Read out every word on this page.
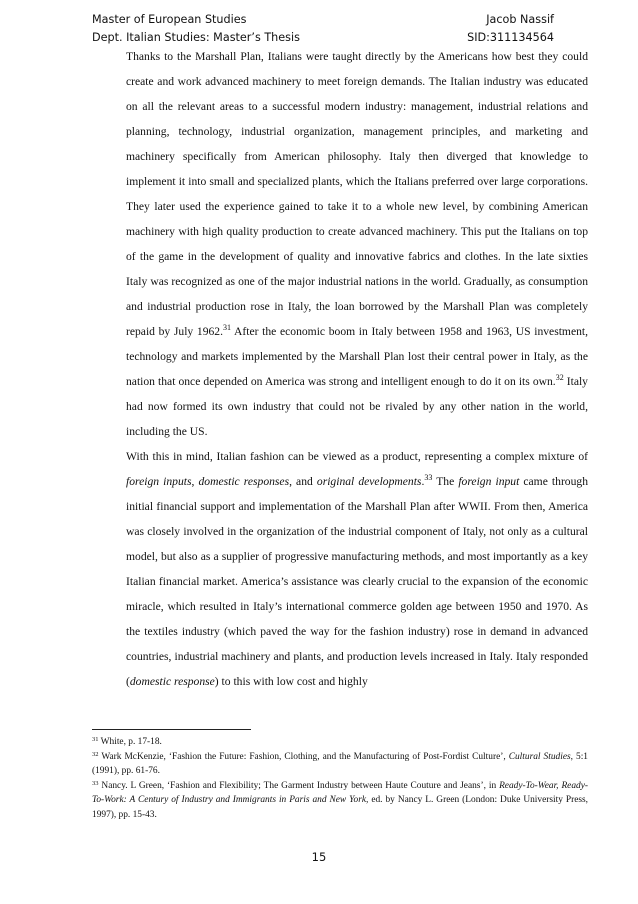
Master of European Studies	Jacob Nassif
Dept. Italian Studies: Master’s Thesis	SID:311134564

Thanks to the Marshall Plan, Italians were taught directly by the Americans how best they could create and work advanced machinery to meet foreign demands. The Italian industry was educated on all the relevant areas to a successful modern industry: management, industrial relations and planning, technology, industrial organization, management principles, and marketing and machinery specifically from American philosophy. Italy then diverged that knowledge to implement it into small and specialized plants, which the Italians preferred over large corporations. They later used the experience gained to take it to a whole new level, by combining American machinery with high quality production to create advanced machinery. This put the Italians on top of the game in the development of quality and innovative fabrics and clothes. In the late sixties Italy was recognized as one of the major industrial nations in the world. Gradually, as consumption and industrial production rose in Italy, the loan borrowed by the Marshall Plan was completely repaid by July 1962.31 After the economic boom in Italy between 1958 and 1963, US investment, technology and markets implemented by the Marshall Plan lost their central power in Italy, as the nation that once depended on America was strong and intelligent enough to do it on its own.$^{32}$ Italy had now formed its own industry that could not be rivaled by any other nation in the world, including the US.

With this in mind, Italian fashion can be viewed as a product, representing a complex mixture of foreign inputs, domestic responses, and original developments.$^{33}$ The foreign input came through initial financial support and implementation of the Marshall Plan after WWII. From then, America was closely involved in the organization of the industrial component of Italy, not only as a cultural model, but also as a supplier of progressive manufacturing methods, and most importantly as a key Italian financial market. America’s assistance was clearly crucial to the expansion of the economic miracle, which resulted in Italy’s international commerce golden age between 1950 and 1970. As the textiles industry (which paved the way for the fashion industry) rose in demand in advanced countries, industrial machinery and plants, and production levels increased in Italy. Italy responded (domestic response) to this with low cost and highly

$^{31}$ White, p. 17-18.

$^{32}$ Wark McKenzie, ‘Fashion the Future: Fashion, Clothing, and the Manufacturing of Post-Fordist Culture’, Cultural Studies, 5:1 (1991), pp. 61-76.

$^{33}$ Nancy. L Green, ‘Fashion and Flexibility; The Garment Industry between Haute Couture and Jeans’, in Ready-To-Wear, Ready-To-Work: A Century of Industry and Immigrants in Paris and New York, ed. by Nancy L. Green (London: Duke University Press, 1997), pp. 15-43.

15
